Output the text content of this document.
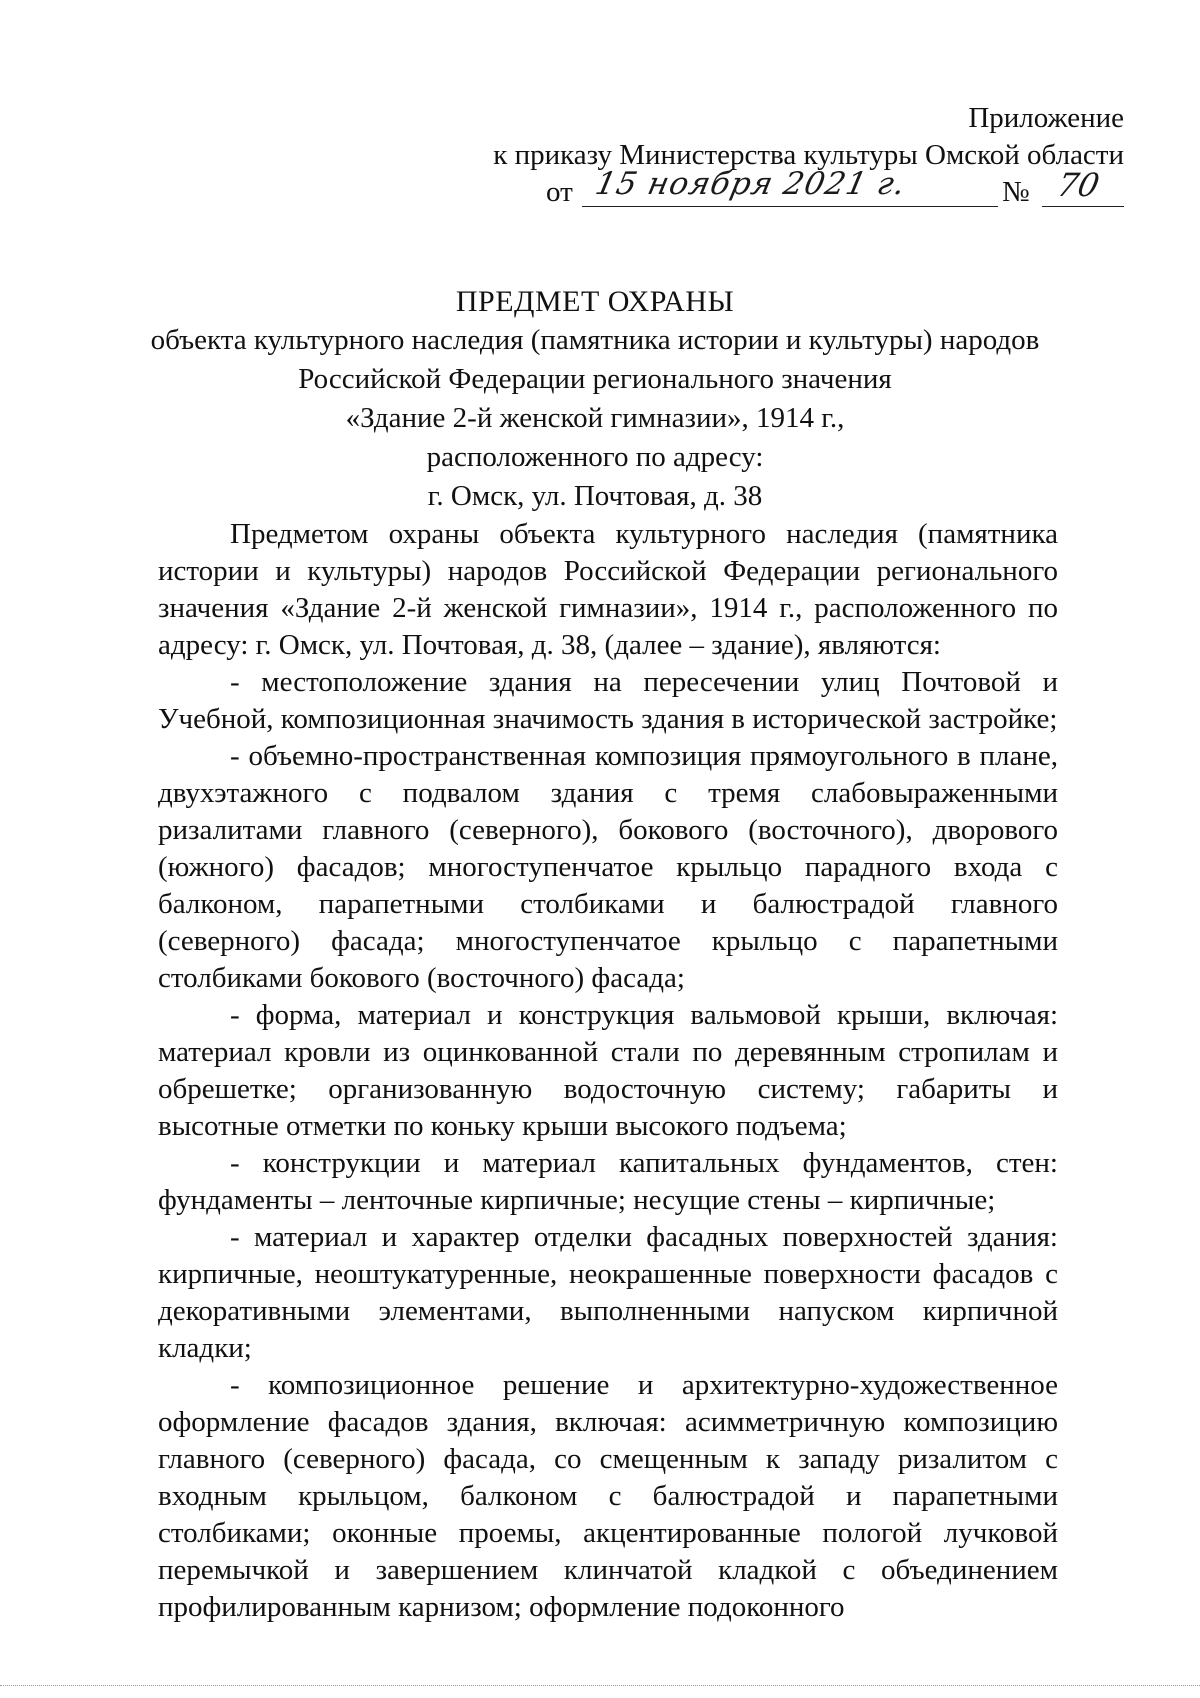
Приложение
к приказу Министерства культуры Омской области
от 15 ноября 2021 г.	№ 70
ПРЕДМЕТ ОХРАНЫ
объекта культурного наследия (памятника истории и культуры) народов
Российской Федерации регионального значения
«Здание 2-й женской гимназии», 1914 г.,
расположенного по адресу:
г. Омск, ул. Почтовая, д. 38

Предметом охраны объекта культурного наследия (памятника истории и культуры) народов Российской Федерации регионального значения «Здание 2-й женской гимназии», 1914 г., расположенного по адресу: г. Омск, ул. Почтовая, д. 38, (далее – здание), являются:

- местоположение здания на пересечении улиц Почтовой и Учебной, композиционная значимость здания в исторической застройке;

- объемно-пространственная композиция прямоугольного в плане, двухэтажного с подвалом здания с тремя слабовыраженными ризалитами главного (северного), бокового (восточного), дворового (южного) фасадов; многоступенчатое крыльцо парадного входа с балконом, парапетными столбиками и балюстрадой главного (северного) фасада; многоступенчатое крыльцо с парапетными столбиками бокового (восточного) фасада;

- форма, материал и конструкция вальмовой крыши, включая: материал кровли из оцинкованной стали по деревянным стропилам и обрешетке; организованную водосточную систему; габариты и высотные отметки по коньку крыши высокого подъема;

- конструкции и материал капитальных фундаментов, стен: фундаменты – ленточные кирпичные; несущие стены – кирпичные;

- материал и характер отделки фасадных поверхностей здания: кирпичные, неоштукатуренные, неокрашенные поверхности фасадов с декоративными элементами, выполненными напуском кирпичной кладки;

- композиционное решение и архитектурно-художественное оформление фасадов здания, включая: асимметричную композицию главного (северного) фасада, со смещенным к западу ризалитом с входным крыльцом, балконом с балюстрадой и парапетными столбиками; оконные проемы, акцентированные пологой лучковой перемычкой и завершением клинчатой кладкой с объединением профилированным карнизом; оформление подоконного
